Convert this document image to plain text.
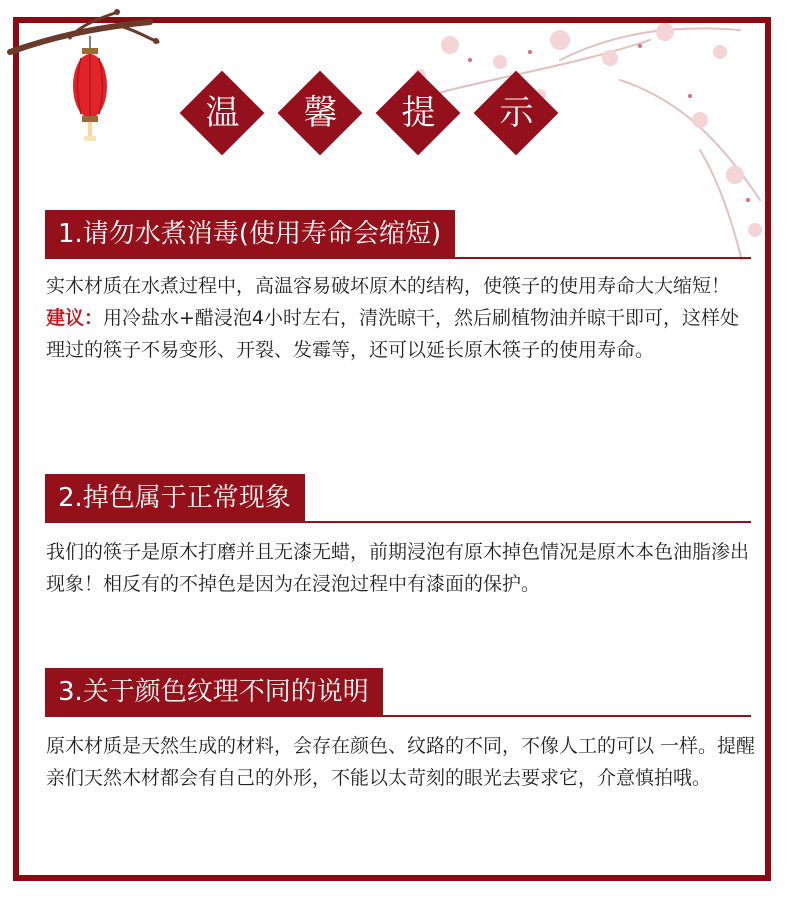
温	馨	提	示
1.请勿水煮消毒(使用寿命会缩短)
实木材质在水煮过程中，高温容易破坏原木的结构，使筷子的使用寿命大大缩短！
建议：用冷盐水+醋浸泡4小时左右，清洗晾干，然后刷植物油并晾干即可，这样处理过的筷子不易变形、开裂、发霉等，还可以延长原木筷子的使用寿命。
2.掉色属于正常现象
我们的筷子是原木打磨并且无漆无蜡，前期浸泡有原木掉色情况是原木本色油脂渗出现象！相反有的不掉色是因为在浸泡过程中有漆面的保护。
3.关于颜色纹理不同的说明
原木材质是天然生成的材料，会存在颜色、纹路的不同，不像人工的可以 一样。提醒亲们天然木材都会有自己的外形，不能以太苛刻的眼光去要求它，介意慎拍哦。
